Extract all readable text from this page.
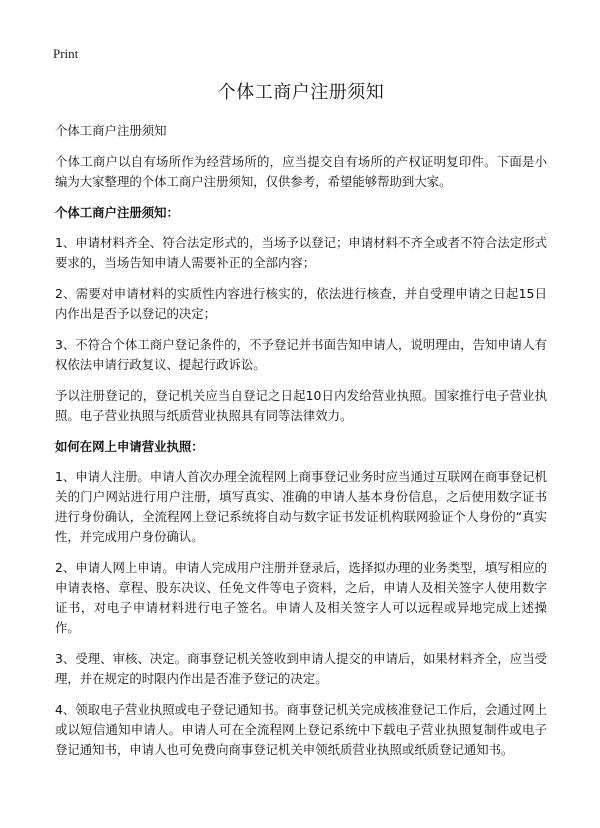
Print
个体工商户注册须知

个体工商户注册须知

个体工商户以自有场所作为经营场所的，应当提交自有场所的产权证明复印件。下面是小编为大家整理的个体工商户注册须知，仅供参考，希望能够帮助到大家。

个体工商户注册须知：

1、申请材料齐全、符合法定形式的，当场予以登记；申请材料不齐全或者不符合法定形式要求的，当场告知申请人需要补正的全部内容；

2、需要对申请材料的实质性内容进行核实的，依法进行核查，并自受理申请之日起15日内作出是否予以登记的决定；

3、不符合个体工商户登记条件的，不予登记并书面告知申请人，说明理由，告知申请人有权依法申请行政复议、提起行政诉讼。

予以注册登记的，登记机关应当自登记之日起10日内发给营业执照。国家推行电子营业执照。电子营业执照与纸质营业执照具有同等法律效力。

如何在网上申请营业执照：

1、申请人注册。申请人首次办理全流程网上商事登记业务时应当通过互联网在商事登记机关的门户网站进行用户注册，填写真实、准确的申请人基本身份信息，之后使用数字证书进行身份确认，全流程网上登记系统将自动与数字证书发证机构联网验证个人身份的“真实性，并完成用户身份确认。

2、申请人网上申请。申请人完成用户注册并登录后，选择拟办理的业务类型，填写相应的申请表格、章程、股东决议、任免文件等电子资料，之后，申请人及相关签字人使用数字证书，对电子申请材料进行电子签名。申请人及相关签字人可以远程或异地完成上述操作。

3、受理、审核、决定。商事登记机关签收到申请人提交的申请后，如果材料齐全，应当受理，并在规定的时限内作出是否准予登记的决定。

4、领取电子营业执照或电子登记通知书。商事登记机关完成核准登记工作后，会通过网上或以短信通知申请人。申请人可在全流程网上登记系统中下载电子营业执照复制件或电子登记通知书，申请人也可免费向商事登记机关申领纸质营业执照或纸质登记通知书。
